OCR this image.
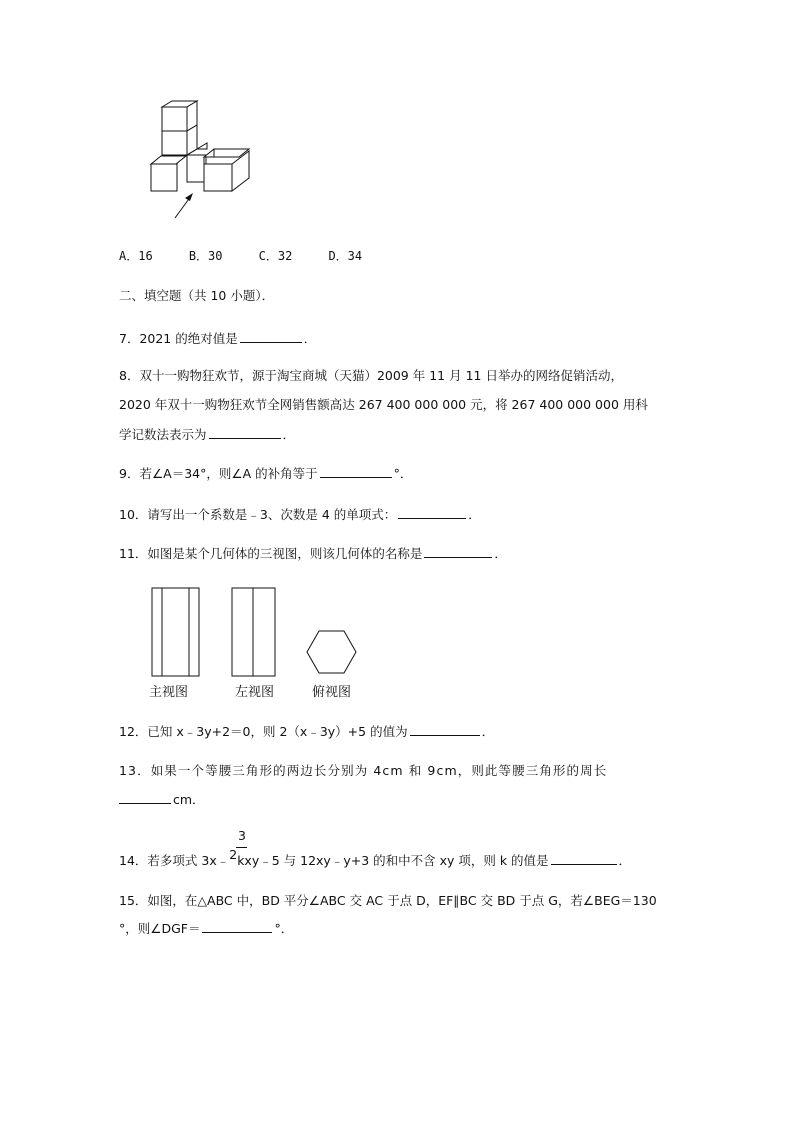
A．16	B．30	C．32	D．34
二、填空题（共 10 小题）．
7．2021 的绝对值是	．
8．双十一购物狂欢节，源于淘宝商城（天猫）2009 年 11 月 11 日举办的网络促销活动，
2020 年双十一购物狂欢节全网销售额高达 267 400 000 000 元，将 267 400 000 000 用科
学记数法表示为	．
9．若∠A＝34°，则∠A 的补角等于	°．
10．请写出一个系数是﹣3、次数是 4 的单项式：	．
11．如图是某个几何体的三视图，则该几何体的名称是	．
主视图	左视图	俯视图
12．已知 x﹣3y+2＝0，则 2（x﹣3y）+5 的值为	．
13．如果一个等腰三角形的两边长分别为 4cm 和 9cm，则此等腰三角形的周长
cm．
3
14．若多项式 3x﹣2kxy﹣5 与 12xy﹣y+3 的和中不含 xy 项，则 k 的值是	．
15．如图，在△ABC 中，BD 平分∠ABC 交 AC 于点 D，EF∥BC 交 BD 于点 G，若∠BEG＝130
°，则∠DGF＝	°．
